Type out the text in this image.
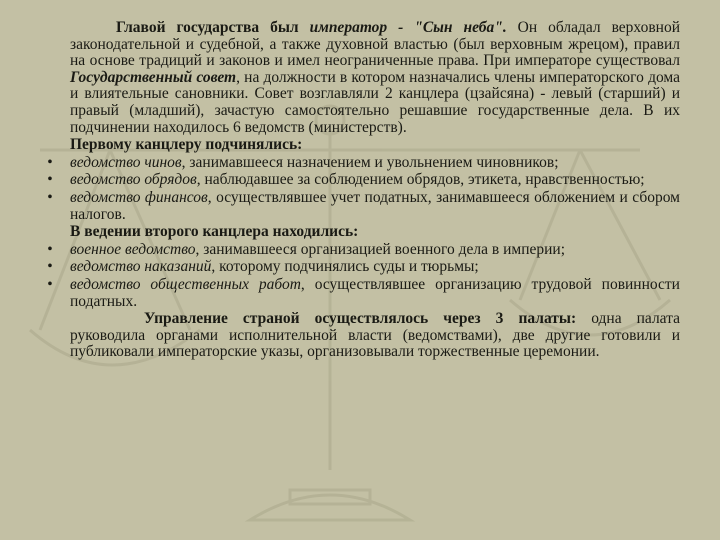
Главой государства был император - "Сын неба". Он обладал верховной законодательной и судебной, а также духовной властью (был верховным жрецом), правил на основе традиций и законов и имел неограниченные права. При императоре существовал Государственный совет, на должности в котором назначались члены императорского дома и влиятельные сановники. Совет возглавляли 2 канцлера (цзайсяна) - левый (старший) и правый (младший), зачастую самостоятельно решавшие государственные дела. В их подчинении находилось 6 ведомств (министерств).

Первому канцлеру подчинялись:

•	ведомство чинов, занимавшееся назначением и увольнением чиновников;

•	ведомство обрядов, наблюдавшее за соблюдением обрядов, этикета, нравственностью;

•	ведомство финансов, осуществлявшее учет податных, занимавшееся обложением и сбором налогов.

В ведении второго канцлера находились:

•	военное ведомство, занимавшееся организацией военного дела в империи;

•	ведомство наказаний, которому подчинялись суды и тюрьмы;

•	ведомство общественных работ, осуществлявшее организацию трудовой повинности податных.

Управление страной осуществлялось через 3 палаты: одна палата руководила органами исполнительной власти (ведомствами), две другие готовили и публиковали императорские указы, организовывали торжественные церемонии.
